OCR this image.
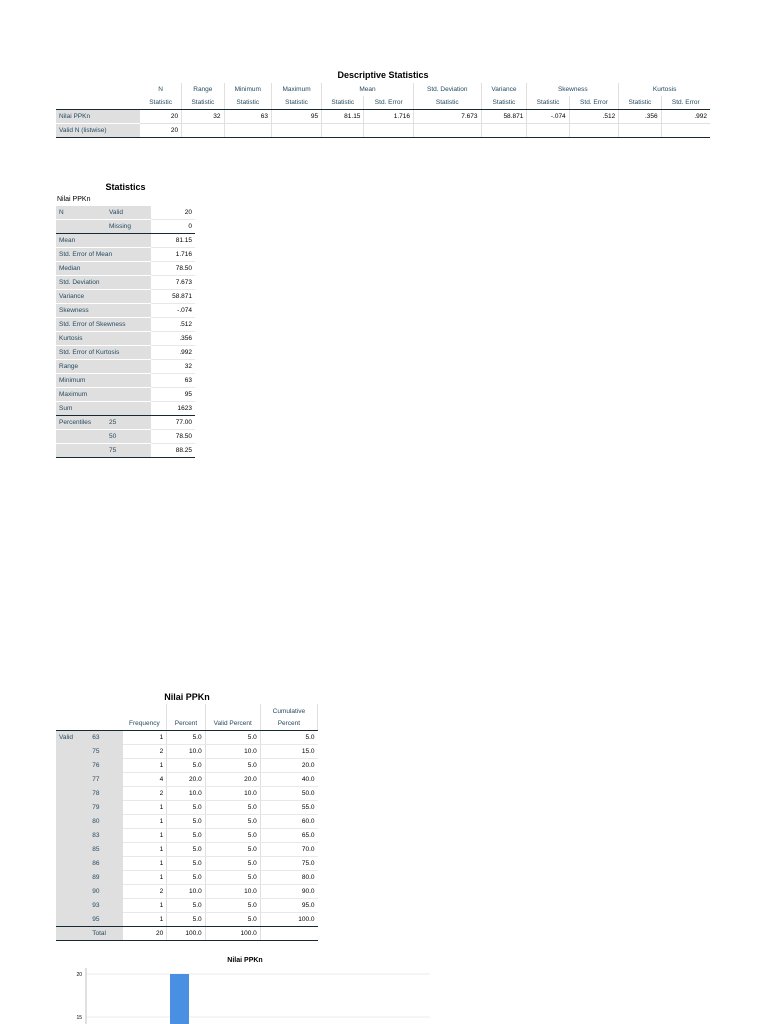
Descriptive Statistics
	N	Range	Minimum	Maximum	Mean		Std. Deviation	Variance	Skewness		Kurtosis	
	Statistic	Statistic	Statistic	Statistic	Statistic	Std. Error	Statistic	Statistic	Statistic	Std. Error	Statistic	Std. Error
Nilai PPKn	20	32	63	95	81.15	1.716	7.673	58.871	-.074	.512	.356	.992
Valid N (listwise)	20											
Statistics
Nilai PPKn
N	Valid	20
	Missing	0
Mean		81.15
Std. Error of Mean		1.716
Median		78.50
Std. Deviation		7.673
Variance		58.871
Skewness		-.074
Std. Error of Skewness		.512
Kurtosis		.356
Std. Error of Kurtosis		.992
Range		32
Minimum		63
Maximum		95
Sum		1623
Percentiles	25	77.00
	50	78.50
	75	88.25
Nilai PPKn
		Frequency	Percent	Valid Percent	Cumulative Percent
Valid	63	1	5.0	5.0	5.0
	75	2	10.0	10.0	15.0
	76	1	5.0	5.0	20.0
	77	4	20.0	20.0	40.0
	78	2	10.0	10.0	50.0
	79	1	5.0	5.0	55.0
	80	1	5.0	5.0	60.0
	83	1	5.0	5.0	65.0
	85	1	5.0	5.0	70.0
	86	1	5.0	5.0	75.0
	89	1	5.0	5.0	80.0
	90	2	10.0	10.0	90.0
	93	1	5.0	5.0	95.0
	95	1	5.0	5.0	100.0
	Total	20	100.0	100.0	
Nilai PPKn
15
20
